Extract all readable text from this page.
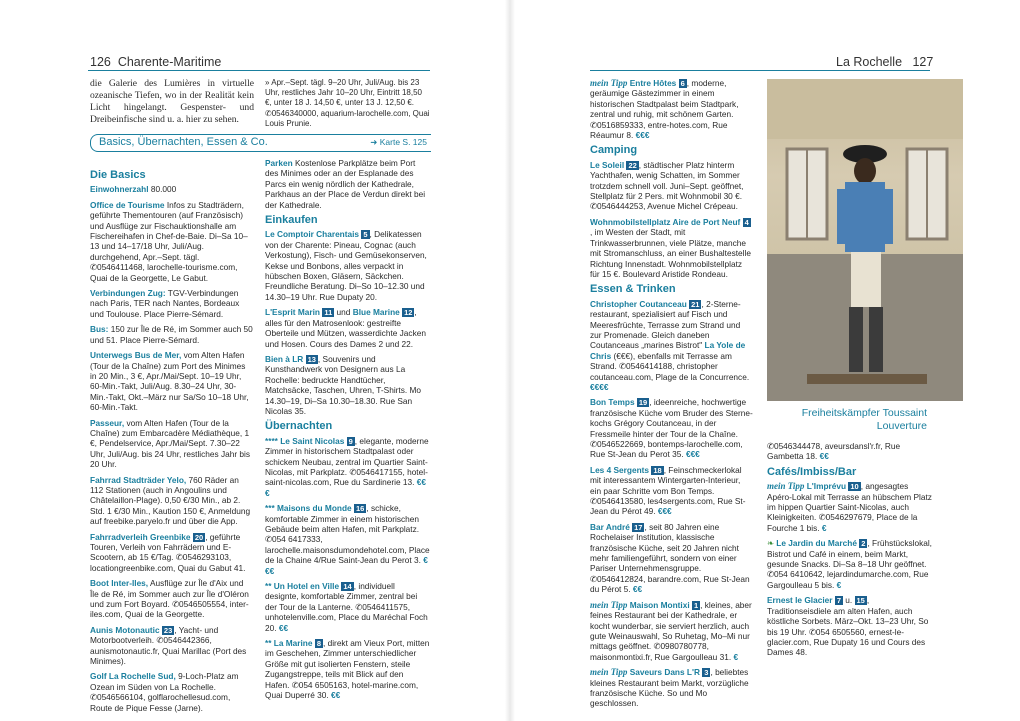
126 Charente-Maritime
die Galerie des Lumières in virtuelle ozeanische Tiefen, wo in der Realität kein Licht hingelangt. Gespenster- und Dreibeinfische sind u. a. hier zu sehen.
» Apr.–Sept. tägl. 9–20 Uhr, Juli/Aug. bis 23 Uhr, restliches Jahr 10–20 Uhr, Eintritt 18,50 €, unter 18 J. 14,50 €, unter 13 J. 12,50 €. ✆0546340000, aquarium-larochelle.com, Quai Louis Prunie.
Basics, Übernachten, Essen & Co.	➜ Karte S. 125
Die Basics

Einwohnerzahl 80.000

Office de Tourisme Infos zu Stadträdern, geführte Thementouren (auf Französisch) und Ausflüge zur Fischauktionshalle am Fischereihafen in Chef-de-Baie. Di–Sa 10–13 und 14–17/18 Uhr, Juli/Aug. durchgehend, Apr.–Sept. tägl. ✆0546411468, larochelle-tourisme.com, Quai de la Georgette, Le Gabut.

Verbindungen Zug: TGV-Verbindungen nach Paris, TER nach Nantes, Bordeaux und Toulouse. Place Pierre-Sémard.

Bus: 150 zur Île de Ré, im Sommer auch 50 und 51. Place Pierre-Sémard.

Unterwegs Bus de Mer, vom Alten Hafen (Tour de la Chaîne) zum Port des Minimes in 20 Min., 3 €, Apr./Mai/Sept. 10–19 Uhr, 60-Min.-Takt, Juli/Aug. 8.30–24 Uhr, 30-Min.-Takt, Okt.–März nur Sa/So 10–18 Uhr, 60-Min.-Takt.

Passeur, vom Alten Hafen (Tour de la Chaîne) zum Embarcadère Médiathèque, 1 €, Pendelservice, Apr./Mai/Sept. 7.30–22 Uhr, Juli/Aug. bis 24 Uhr, restliches Jahr bis 20 Uhr.

Fahrrad Stadträder Yelo, 760 Räder an 112 Stationen (auch in Angoulins und Châtelaillon-Plage). 0,50 €/30 Min., ab 2. Std. 1 €/30 Min., Kaution 150 €, Anmeldung auf freebike.paryelo.fr und über die App.

Fahrradverleih Greenbike 20 , geführte Touren, Verleih von Fahrrädern und E-Scootern, ab 15 €/Tag. ✆0546293103, locationgreenbike.com, Quai du Gabut 41.

Boot Inter-Iles, Ausflüge zur Île d'Aix und Île de Ré, im Sommer auch zur Île d'Oléron und zum Fort Boyard. ✆0546505554, inter-iles.com, Quai de la Georgette.

Aunis Motonautic 23 , Yacht- und Motorbootverleih. ✆0546442366, aunismotonautic.fr, Quai Marillac (Port des Minimes).

Golf La Rochelle Sud, 9-Loch-Platz am Ozean im Süden von La Rochelle. ✆0546566104, golflarochellesud.com, Route de Pique Fesse (Jarne).

Parken Kostenlose Parkplätze beim Port des Minimes oder an der Esplanade des Parcs ein wenig nördlich der Kathedrale, Parkhaus an der Place de Verdun direkt bei der Kathedrale.

Einkaufen

Le Comptoir Charentais 5 , Delikatessen von der Charente: Pineau, Cognac (auch Verkostung), Fisch- und Gemüsekonserven, Kekse und Bonbons, alles verpackt in hübschen Boxen, Gläsern, Säckchen. Freundliche Beratung. Di–So 10–12.30 und 14.30–19 Uhr. Rue Dupaty 20.

L'Esprit Marin 11 und Blue Marine 12 , alles für den Matrosenlook: gestreifte Oberteile und Mützen, wasserdichte Jacken und Hosen. Cours des Dames 2 und 22.

Bien à LR 13 , Souvenirs und Kunsthandwerk von Designern aus La Rochelle: bedruckte Handtücher, Matchsäcke, Taschen, Uhren, T-Shirts. Mo 14.30–19, Di–Sa 10.30–18.30. Rue San Nicolas 35.

Übernachten

**** Le Saint Nicolas 9 , elegante, moderne Zimmer in historischem Stadtpalast oder schickem Neubau, zentral im Quartier Saint-Nicolas, mit Parkplatz. ✆0546417155, hotel-saint-nicolas.com, Rue du Sardinerie 13. €€€

*** Maisons du Monde 16 , schicke, komfortable Zimmer in einem historischen Gebäude beim alten Hafen, mit Parkplatz. ✆054 6417333, larochelle.maisonsdumondehotel.com, Place de la Chaine 4/Rue Saint-Jean du Perot 3. €€€

** Un Hotel en Ville 14 , individuell designte, komfortable Zimmer, zentral bei der Tour de la Lanterne. ✆0546411575, unhotelenville.com, Place du Maréchal Foch 20. €€

** La Marine 8 , direkt am Vieux Port, mitten im Geschehen, Zimmer unterschiedlicher Größe mit gut isolierten Fenstern, steile Zugangstreppe, teils mit Blick auf den Hafen. ✆054 6505163, hotel-marine.com, Quai Duperré 30. €€

La Rochelle 127

mein Tipp Entre Hôtes 6 , moderne, geräumige Gästezimmer in einem historischen Stadtpalast beim Stadtpark, zentral und ruhig, mit schönem Garten. ✆0516859333, entre-hotes.com, Rue Réaumur 8. €€€

Camping

Le Soleil 22 , städtischer Platz hinterm Yachthafen, wenig Schatten, im Sommer trotzdem schnell voll. Juni–Sept. geöffnet, Stellplatz für 2 Pers. mit Wohnmobil 30 €. ✆0546444253, Avenue Michel Crépeau.

Wohnmobilstellplatz Aire de Port Neuf 4, im Westen der Stadt, mit Trinkwasserbrunnen, viele Plätze, manche mit Stromanschluss, an einer Bushaltestelle Richtung Innenstadt. Wohnmobilstellplatz für 15 €. Boulevard Aristide Rondeau.

Essen & Trinken

Christopher Coutanceau 21 , 2-Sterne-restaurant, spezialisiert auf Fisch und Meeresfrüchte, Terrasse zum Strand und zur Promenade. Gleich daneben Coutanceaus „marines Bistrot" La Yole de Chris (€€€), ebenfalls mit Terrasse am Strand. ✆0546414188, christopher coutanceau.com, Plage de la Concurrence. €€€€

Bon Temps 19 , ideenreiche, hochwertige französische Küche vom Bruder des Sterne-kochs Grégory Coutanceau, in der Fressmeile hinter der Tour de la Chaîne. ✆0546522669, bontemps-larochelle.com, Rue St-Jean du Perot 35. €€€

Les 4 Sergents 18 , Feinschmeckerlokal mit interessantem Wintergarten-Interieur, ein paar Schritte vom Bon Temps. ✆0546413580, les4sergents.com, Rue St-Jean du Pérot 49. €€€

Bar André 17 , seit 80 Jahren eine Rochelaiser Institution, klassische französische Küche, seit 20 Jahren nicht mehr familiengeführt, sondern von einer Pariser Unternehmensgruppe. ✆0546412824, barandre.com, Rue St-Jean du Pérot 5. €€

mein Tipp Maison Montixi 1 , kleines, aber feines Restaurant bei der Kathedrale, er kocht wunderbar, sie serviert herzlich, auch gute Weinauswahl, So Ruhetag, Mo–Mi nur mittags geöffnet. ✆0980780778, maisonmontixi.fr, Rue Gargoulleau 31. €

mein Tipp Saveurs Dans L'R 3 , beliebtes kleines Restaurant beim Markt, vorzügliche französische Küche. So und Mo geschlossen.

Freiheitskämpfer Toussaint Louverture

✆0546344478, aveursdansl'r.fr, Rue Gambetta 18. €€

Cafés/Imbiss/Bar

mein Tipp L'Imprévu 10 , angesagtes Apéro-Lokal mit Terrasse an hübschem Platz im hippen Quartier Saint-Nicolas, auch Kleinigkeiten. ✆0546297679, Place de la Fourche 1 bis. €

❧ Le Jardin du Marché 2 , Frühstückslokal, Bistrot und Café in einem, beim Markt, gesunde Snacks. Di–Sa 8–18 Uhr geöffnet. ✆054 6410642, lejardindumarche.com, Rue Gargoulleau 5 bis. €

Ernest le Glacier 7 u. 15 , Traditionseisdiele am alten Hafen, auch köstliche Sorbets. März–Okt. 13–23 Uhr, So bis 19 Uhr. ✆054 6505560, ernest-le-glacier.com, Rue Dupaty 16 und Cours des Dames 48.
